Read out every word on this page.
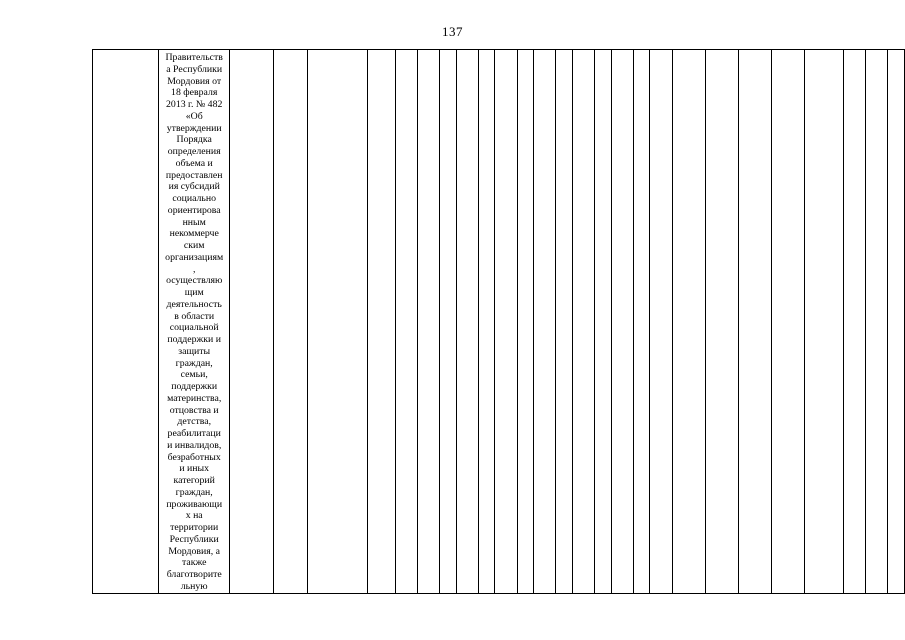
137

Правительств
а Республики
Мордовия от
18 февраля
2013 г. № 482
«Об
утверждении
Порядка
определения
объема и
предоставлен
ия субсидий
социально
ориентирова
нным
некоммерче
ским
организациям
,
осуществляю
щим
деятельность
в области
социальной
поддержки и
защиты
граждан,
семьи,
поддержки
материнства,
отцовства и
детства,
реабилитаци
и инвалидов,
безработных
и иных
категорий
граждан,
проживающи
х на
территории
Республики
Мордовия, а
также
благотворите
льную
